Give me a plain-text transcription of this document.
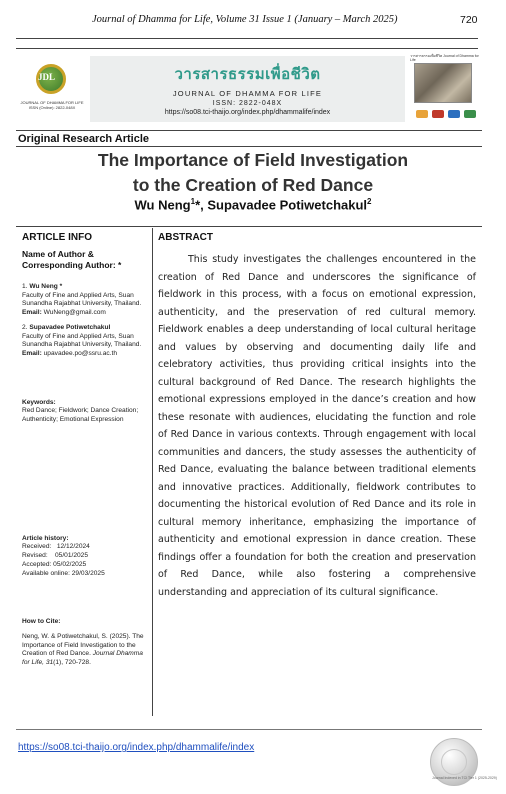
Journal of Dhamma for Life, Volume 31 Issue 1 (January – March 2025)	720
JDL
JOURNAL OF DHAMMA FOR LIFE ISSN (Online): 2822-048X
วารสารธรรมเพื่อชีวิต
JOURNAL OF DHAMMA FOR LIFE
ISSN: 2822-048X
https://so08.tci-thaijo.org/index.php/dhammalife/index
วารสารธรรมเพื่อชีวิต Journal of Dhamma for Life
Original Research Article
The Importance of Field Investigation
to the Creation of Red Dance
Wu Neng$^1$*, Supavadee Potiwetchakul$^2$
ARTICLE INFO
Name of Author & Corresponding Author: *
1. Wu Neng *
Faculty of Fine and Applied Arts, Suan Sunandha Rajabhat University, Thailand.
Email: WuNeng@gmail.com
2. Supavadee Potiwetchakul
Faculty of Fine and Applied Arts, Suan Sunandha Rajabhat University, Thailand.
Email: upavadee.po@ssru.ac.th
Keywords:
Red Dance; Fieldwork; Dance Creation; Authenticity; Emotional Expression
Article history:
Received:   12/12/2024
Revised:    05/01/2025
Accepted: 05/02/2025
Available online: 29/03/2025
How to Cite:
Neng, W. & Potiwetchakul, S. (2025). The Importance of Field Investigation to the Creation of Red Dance. Journal Dhamma for Life, 31(1), 720-728.
ABSTRACT

This study investigates the challenges encountered in the creation of Red Dance and underscores the significance of fieldwork in this process, with a focus on emotional expression, authenticity, and the preservation of red cultural memory. Fieldwork enables a deep understanding of local cultural heritage and values by observing and documenting daily life and celebratory activities, thus providing critical insights into the cultural background of Red Dance. The research highlights the emotional expressions employed in the dance’s creation and how these resonate with audiences, elucidating the function and role of Red Dance in various contexts. Through engagement with local communities and dancers, the study assesses the authenticity of Red Dance, evaluating the balance between traditional elements and innovative practices. Additionally, fieldwork contributes to documenting the historical evolution of Red Dance and its role in cultural memory inheritance, emphasizing the importance of authenticity and emotional expression in dance creation. These findings offer a foundation for both the creation and preservation of Red Dance, while also fostering a comprehensive understanding and appreciation of its cultural significance.

https://so08.tci-thaijo.org/index.php/dhammalife/index
Journal Indexed in TCI Tier 1 (2025-2029)
